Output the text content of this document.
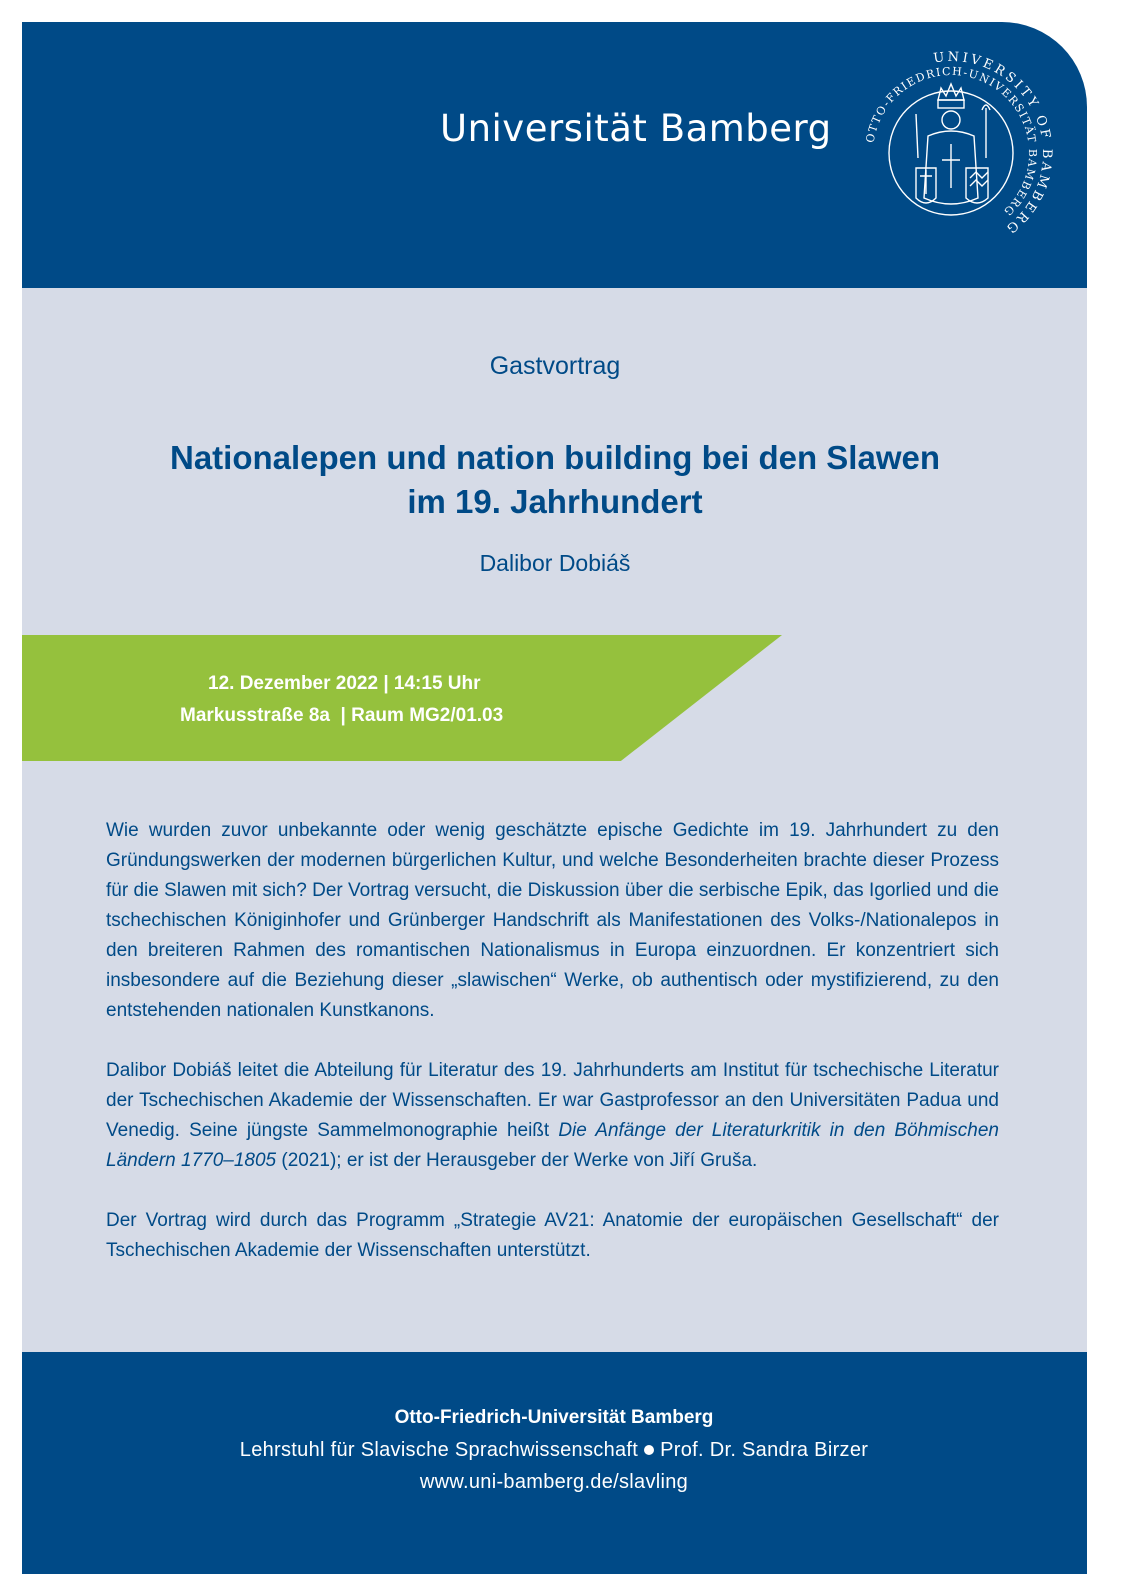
Universität Bamberg
UNIVERSITY OF BAMBERG
OTTO-FRIEDRICH-UNIVERSITÄT BAMBERG
Gastvortrag
Nationalepen und nation building bei den Slawen
im 19. Jahrhundert
Dalibor Dobiáš
12. Dezember 2022 | 14:15 Uhr
Markusstraße 8a  | Raum MG2/01.03

Wie wurden zuvor unbekannte oder wenig geschätzte epische Gedichte im 19. Jahrhundert zu den Gründungswerken der modernen bürgerlichen Kultur, und welche Besonderheiten brachte dieser Prozess für die Slawen mit sich? Der Vortrag versucht, die Diskussion über die serbische Epik, das Igorlied und die tschechischen Königinhofer und Grünberger Handschrift als Manifestationen des Volks-/Nationalepos in den breiteren Rahmen des romantischen Nationalismus in Europa einzuordnen. Er konzentriert sich insbesondere auf die Beziehung dieser „slawischen“ Werke, ob authentisch oder mystifizierend, zu den entstehenden nationalen Kunstkanons.

Dalibor Dobiáš leitet die Abteilung für Literatur des 19. Jahrhunderts am Institut für tschechische Literatur der Tschechischen Akademie der Wissenschaften. Er war Gastprofessor an den Universitäten Padua und Venedig. Seine jüngste Sammelmonographie heißt Die Anfänge der Literaturkritik in den Böhmischen Ländern 1770–1805 (2021); er ist der Herausgeber der Werke von Jiří Gruša.

Der Vortrag wird durch das Programm „Strategie AV21: Anatomie der europäischen Gesellschaft“ der Tschechischen Akademie der Wissenschaften unterstützt.

Otto-Friedrich-Universität Bamberg
Lehrstuhl für Slavische Sprachwissenschaft Prof. Dr. Sandra Birzer
www.uni-bamberg.de/slavling
